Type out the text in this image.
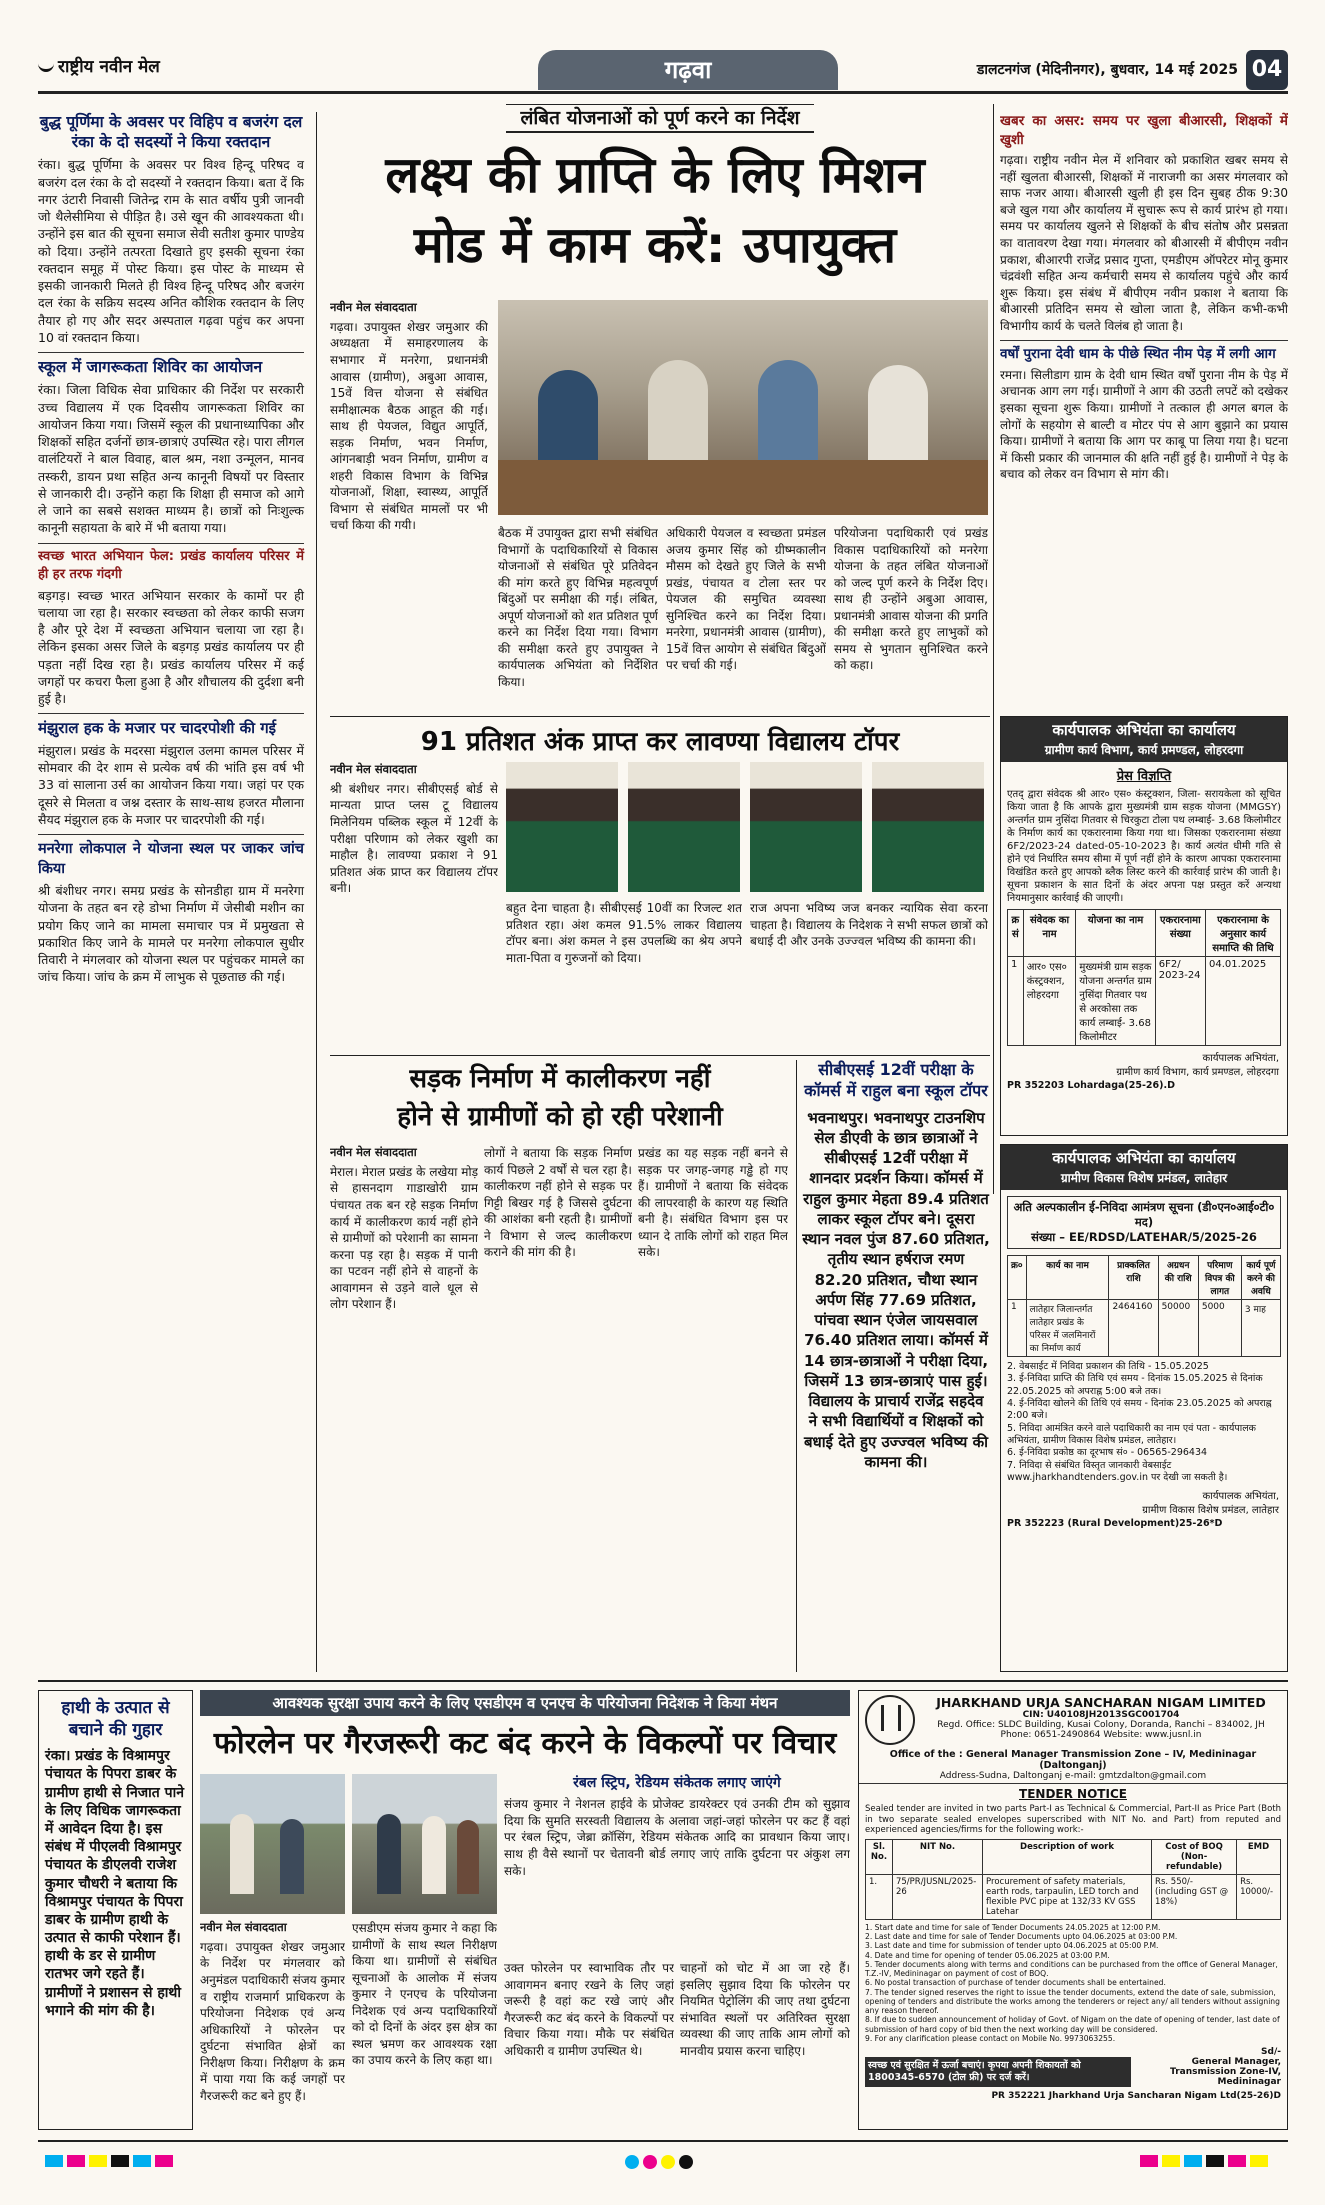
राष्ट्रीय नवीन मेल	गढ़वा	डालटनगंज (मेदिनीनगर), बुधवार, 14 मई 2025 04
बुद्ध पूर्णिमा के अवसर पर विहिप व बजरंग दल रंका के दो सदस्यों ने किया रक्तदान

रंका। बुद्ध पूर्णिमा के अवसर पर विश्व हिन्दू परिषद व बजरंग दल रंका के दो सदस्यों ने रक्तदान किया। बता दें कि नगर उंटारी निवासी जितेन्द्र राम के सात वर्षीय पुत्री जानवी जो थैलेसीमिया से पीड़ित है। उसे खून की आवश्यकता थी। उन्होंने इस बात की सूचना समाज सेवी सतीश कुमार पाण्डेय को दिया। उन्होंने तत्परता दिखाते हुए इसकी सूचना रंका रक्तदान समूह में पोस्ट किया। इस पोस्ट के माध्यम से इसकी जानकारी मिलते ही विश्व हिन्दू परिषद और बजरंग दल रंका के सक्रिय सदस्य अनित कौशिक रक्तदान के लिए तैयार हो गए और सदर अस्पताल गढ़वा पहुंच कर अपना 10 वां रक्तदान किया।

स्कूल में जागरूकता शिविर का आयोजन

रंका। जिला विधिक सेवा प्राधिकार की निर्देश पर सरकारी उच्च विद्यालय में एक दिवसीय जागरूकता शिविर का आयोजन किया गया। जिसमें स्कूल की प्रधानाध्यापिका और शिक्षकों सहित दर्जनों छात्र-छात्राएं उपस्थित रहे। पारा लीगल वालंटियरों ने बाल विवाह, बाल श्रम, नशा उन्मूलन, मानव तस्करी, डायन प्रथा सहित अन्य कानूनी विषयों पर विस्तार से जानकारी दी। उन्होंने कहा कि शिक्षा ही समाज को आगे ले जाने का सबसे सशक्त माध्यम है। छात्रों को निःशुल्क कानूनी सहायता के बारे में भी बताया गया।

स्वच्छ भारत अभियान फेल: प्रखंड कार्यालय परिसर में ही हर तरफ गंदगी

बड़गड़। स्वच्छ भारत अभियान सरकार के कामों पर ही चलाया जा रहा है। सरकार स्वच्छता को लेकर काफी सजग है और पूरे देश में स्वच्छता अभियान चलाया जा रहा है। लेकिन इसका असर जिले के बड़गड़ प्रखंड कार्यालय पर ही पड़ता नहीं दिख रहा है। प्रखंड कार्यालय परिसर में कई जगहों पर कचरा फैला हुआ है और शौचालय की दुर्दशा बनी हुई है।

मंझुराल हक के मजार पर चादरपोशी की गई

मंझुराल। प्रखंड के मदरसा मंझुराल उलमा कामल परिसर में सोमवार की देर शाम से प्रत्येक वर्ष की भांति इस वर्ष भी 33 वां सालाना उर्स का आयोजन किया गया। जहां पर एक दूसरे से मिलता व जश्न दस्तार के साथ-साथ हजरत मौलाना सैयद मंझुराल हक के मजार पर चादरपोशी की गई।

मनरेगा लोकपाल ने योजना स्थल पर जाकर जांच किया

श्री बंशीधर नगर। समग्र प्रखंड के सोनडीहा ग्राम में मनरेगा योजना के तहत बन रहे डोभा निर्माण में जेसीबी मशीन का प्रयोग किए जाने का मामला समाचार पत्र में प्रमुखता से प्रकाशित किए जाने के मामले पर मनरेगा लोकपाल सुधीर तिवारी ने मंगलवार को योजना स्थल पर पहुंचकर मामले का जांच किया। जांच के क्रम में लाभुक से पूछताछ की गई।

लंबित योजनाओं को पूर्ण करने का निर्देश
लक्ष्य की प्राप्ति के लिए मिशन
मोड में काम करें: उपायुक्त
नवीन मेल संवाददाता

गढ़वा। उपायुक्त शेखर जमुआर की अध्यक्षता में समाहरणालय के सभागार में मनरेगा, प्रधानमंत्री आवास (ग्रामीण), अबुआ आवास, 15वें वित्त योजना से संबंधित समीक्षात्मक बैठक आहूत की गई। साथ ही पेयजल, विद्युत आपूर्ति, सड़क निर्माण, भवन निर्माण, आंगनबाड़ी भवन निर्माण, ग्रामीण व शहरी विकास विभाग के विभिन्न योजनाओं, शिक्षा, स्वास्थ्य, आपूर्ति विभाग से संबंधित मामलों पर भी चर्चा किया की गयी।

बैठक में उपायुक्त द्वारा सभी संबंधित विभागों के पदाधिकारियों से विकास योजनाओं से संबंधित पूरे प्रतिवेदन की मांग करते हुए विभिन्न महत्वपूर्ण बिंदुओं पर समीक्षा की गई। लंबित, अपूर्ण योजनाओं को शत प्रतिशत पूर्ण करने का निर्देश दिया गया। विभाग की समीक्षा करते हुए उपायुक्त ने कार्यपालक अभियंता को निर्देशित किया।

अधिकारी पेयजल व स्वच्छता प्रमंडल अजय कुमार सिंह को ग्रीष्मकालीन मौसम को देखते हुए जिले के सभी प्रखंड, पंचायत व टोला स्तर पर पेयजल की समुचित व्यवस्था सुनिश्चित करने का निर्देश दिया। मनरेगा, प्रधानमंत्री आवास (ग्रामीण), 15वें वित्त आयोग से संबंधित बिंदुओं पर चर्चा की गई।

परियोजना पदाधिकारी एवं प्रखंड विकास पदाधिकारियों को मनरेगा योजना के तहत लंबित योजनाओं को जल्द पूर्ण करने के निर्देश दिए। साथ ही उन्होंने अबुआ आवास, प्रधानमंत्री आवास योजना की प्रगति की समीक्षा करते हुए लाभुकों को समय से भुगतान सुनिश्चित करने को कहा।

खबर का असर: समय पर खुला बीआरसी, शिक्षकों में खुशी

गढ़वा। राष्ट्रीय नवीन मेल में शनिवार को प्रकाशित खबर समय से नहीं खुलता बीआरसी, शिक्षकों में नाराजगी का असर मंगलवार को साफ नजर आया। बीआरसी खुली ही इस दिन सुबह ठीक 9:30 बजे खुल गया और कार्यालय में सुचारू रूप से कार्य प्रारंभ हो गया। समय पर कार्यालय खुलने से शिक्षकों के बीच संतोष और प्रसन्नता का वातावरण देखा गया। मंगलवार को बीआरसी में बीपीएम नवीन प्रकाश, बीआरपी राजेंद्र प्रसाद गुप्ता, एमडीएम ऑपरेटर मोनू कुमार चंद्रवंशी सहित अन्य कर्मचारी समय से कार्यालय पहुंचे और कार्य शुरू किया। इस संबंध में बीपीएम नवीन प्रकाश ने बताया कि बीआरसी प्रतिदिन समय से खोला जाता है, लेकिन कभी-कभी विभागीय कार्य के चलते विलंब हो जाता है।

वर्षों पुराना देवी धाम के पीछे स्थित नीम पेड़ में लगी आग

रमना। सिलीडाग ग्राम के देवी धाम स्थित वर्षों पुराना नीम के पेड़ में अचानक आग लग गई। ग्रामीणों ने आग की उठती लपटें को दखेकर इसका सूचना शुरू किया। ग्रामीणों ने तत्काल ही अगल बगल के लोगों के सहयोग से बाल्टी व मोटर पंप से आग बुझाने का प्रयास किया। ग्रामीणों ने बताया कि आग पर काबू पा लिया गया है। घटना में किसी प्रकार की जानमाल की क्षति नहीं हुई है। ग्रामीणों ने पेड़ के बचाव को लेकर वन विभाग से मांग की।

91 प्रतिशत अंक प्राप्त कर लावण्या विद्यालय टॉपर
नवीन मेल संवाददाता

श्री बंशीधर नगर। सीबीएसई बोर्ड से मान्यता प्राप्त प्लस टू विद्यालय मिलेनियम पब्लिक स्कूल में 12वीं के परीक्षा परिणाम को लेकर खुशी का माहौल है। लावण्या प्रकाश ने 91 प्रतिशत अंक प्राप्त कर विद्यालय टॉपर बनी।

बहुत देना चाहता है। सीबीएसई 10वीं का रिजल्ट शत प्रतिशत रहा। अंश कमल 91.5% लाकर विद्यालय टॉपर बना। अंश कमल ने इस उपलब्धि का श्रेय अपने माता-पिता व गुरुजनों को दिया।

राज अपना भविष्य जज बनकर न्यायिक सेवा करना चाहता है। विद्यालय के निदेशक ने सभी सफल छात्रों को बधाई दी और उनके उज्ज्वल भविष्य की कामना की।

सड़क निर्माण में कालीकरण नहीं
होने से ग्रामीणों को हो रही परेशानी
नवीन मेल संवाददाता

मेराल। मेराल प्रखंड के लखेया मोड़ से हासनदाग गाडाखोरी ग्राम पंचायत तक बन रहे सड़क निर्माण कार्य में कालीकरण कार्य नहीं होने से ग्रामीणों को परेशानी का सामना करना पड़ रहा है। सड़क में पानी का पटवन नहीं होने से वाहनों के आवागमन से उड़ने वाले धूल से लोग परेशान हैं।

लोगों ने बताया कि सड़क निर्माण कार्य पिछले 2 वर्षों से चल रहा है। कालीकरण नहीं होने से सड़क पर गिट्टी बिखर गई है जिससे दुर्घटना की आशंका बनी रहती है। ग्रामीणों ने विभाग से जल्द कालीकरण कराने की मांग की है।

प्रखंड का यह सड़क नहीं बनने से सड़क पर जगह-जगह गड्ढे हो गए हैं। ग्रामीणों ने बताया कि संवेदक की लापरवाही के कारण यह स्थिति बनी है। संबंधित विभाग इस पर ध्यान दे ताकि लोगों को राहत मिल सके।

सीबीएसई 12वीं परीक्षा के कॉमर्स में राहुल बना स्कूल टॉपर
भवनाथपुर। भवनाथपुर टाउनशिप सेल डीएवी के छात्र छात्राओं ने सीबीएसई 12वीं परीक्षा में शानदार प्रदर्शन किया। कॉमर्स में राहुल कुमार मेहता 89.4 प्रतिशत लाकर स्कूल टॉपर बने। दूसरा स्थान नवल पुंज 87.60 प्रतिशत, तृतीय स्थान हर्षराज रमण 82.20 प्रतिशत, चौथा स्थान अर्पण सिंह 77.69 प्रतिशत, पांचवा स्थान एंजेल जायसवाल 76.40 प्रतिशत लाया। कॉमर्स में 14 छात्र-छात्राओं ने परीक्षा दिया, जिसमें 13 छात्र-छात्राएं पास हुई। विद्यालय के प्राचार्य राजेंद्र सहदेव ने सभी विद्यार्थियों व शिक्षकों को बधाई देते हुए उज्ज्वल भविष्य की कामना की।
कार्यपालक अभियंता का कार्यालय
ग्रामीण कार्य विभाग, कार्य प्रमण्डल, लोहरदगा
प्रेस विज्ञप्ति
एतद् द्वारा संवेदक श्री आर० एस० कंस्ट्रक्शन, जिला- सरायकेला को सूचित किया जाता है कि आपके द्वारा मुख्यमंत्री ग्राम सड़क योजना (MMGSY) अन्तर्गत ग्राम नुसिंदा गितवार से चिरकुटा टोला पथ लम्बाई- 3.68 किलोमीटर के निर्माण कार्य का एकरारनामा किया गया था। जिसका एकरारनामा संख्या 6F2/2023-24 dated-05-10-2023 है। कार्य अत्यंत धीमी गति से होने एवं निर्धारित समय सीमा में पूर्ण नहीं होने के कारण आपका एकरारनामा विखंडित करते हुए आपको ब्लैक लिस्ट करने की कार्रवाई प्रारंभ की जाती है। सूचना प्रकाशन के सात दिनों के अंदर अपना पक्ष प्रस्तुत करें अन्यथा नियमानुसार कार्रवाई की जाएगी।
क्र सं	संवेदक का नाम	योजना का नाम	एकरारनामा संख्या	एकरारनामा के अनुसार कार्य समाप्ति की तिथि
1	आर० एस० कंस्ट्रक्शन, लोहरदगा	मुख्यमंत्री ग्राम सड़क योजना अन्तर्गत ग्राम नुसिंदा गितवार पथ से अरकोसा तक कार्य लम्बाई- 3.68 किलोमीटर	6F2/ 2023-24	04.01.2025
कार्यपालक अभियंता,
ग्रामीण कार्य विभाग, कार्य प्रमण्डल, लोहरदगा
PR 352203 Lohardaga(25-26).D
कार्यपालक अभियंता का कार्यालय
ग्रामीण विकास विशेष प्रमंडल, लातेहार
अति अल्पकालीन ई-निविदा आमंत्रण सूचना (डी०एन०आई०टी० मद)
संख्या – EE/RDSD/LATEHAR/5/2025-26
क्र०	कार्य का नाम	प्राक्कलित राशि	अग्रधन की राशि	परिमाण विपत्र की लागत	कार्य पूर्ण करने की अवधि
1	लातेहार जिलान्तर्गत लातेहार प्रखंड के परिसर में जलमिनारों का निर्माण कार्य	2464160	50000	5000	3 माह
2. वेबसाईट में निविदा प्रकाशन की तिथि - 15.05.2025
3. ई-निविदा प्राप्ति की तिथि एवं समय - दिनांक 15.05.2025 से दिनांक 22.05.2025 को अपराह्न 5:00 बजे तक।
4. ई-निविदा खोलने की तिथि एवं समय - दिनांक 23.05.2025 को अपराह्न 2:00 बजे।
5. निविदा आमंत्रित करने वाले पदाधिकारी का नाम एवं पता - कार्यपालक अभियंता, ग्रामीण विकास विशेष प्रमंडल, लातेहार।
6. ई-निविदा प्रकोष्ठ का दूरभाष सं० - 06565-296434
7. निविदा से संबंधित विस्तृत जानकारी वेबसाईट www.jharkhandtenders.gov.in पर देखी जा सकती है।
कार्यपालक अभियंता,
ग्रामीण विकास विशेष प्रमंडल, लातेहार
PR 352223 (Rural Development)25-26*D
हाथी के उत्पात से बचाने की गुहार
रंका। प्रखंड के विश्रामपुर पंचायत के पिपरा डाबर के ग्रामीण हाथी से निजात पाने के लिए विधिक जागरूकता में आवेदन दिया है। इस संबंध में पीएलवी विश्रामपुर पंचायत के डीएलवी राजेश कुमार चौधरी ने बताया कि विश्रामपुर पंचायत के पिपरा डाबर के ग्रामीण हाथी के उत्पात से काफी परेशान हैं। हाथी के डर से ग्रामीण रातभर जगे रहते हैं। ग्रामीणों ने प्रशासन से हाथी भगाने की मांग की है।
आवश्यक सुरक्षा उपाय करने के लिए एसडीएम व एनएच के परियोजना निदेशक ने किया मंथन
फोरलेन पर गैरजरूरी कट बंद करने के विकल्पों पर विचार
नवीन मेल संवाददाता

गढ़वा। उपायुक्त शेखर जमुआर के निर्देश पर मंगलवार को अनुमंडल पदाधिकारी संजय कुमार व राष्ट्रीय राजमार्ग प्राधिकरण के परियोजना निदेशक एवं अन्य अधिकारियों ने फोरलेन पर दुर्घटना संभावित क्षेत्रों का निरीक्षण किया। निरीक्षण के क्रम में पाया गया कि कई जगहों पर गैरजरूरी कट बने हुए हैं।

एसडीएम संजय कुमार ने कहा कि ग्रामीणों के साथ स्थल निरीक्षण किया था। ग्रामीणों से संबंधित सूचनाओं के आलोक में संजय कुमार ने एनएच के परियोजना निदेशक एवं अन्य पदाधिकारियों को दो दिनों के अंदर इस क्षेत्र का स्थल भ्रमण कर आवश्यक रक्षा का उपाय करने के लिए कहा था।

रंबल स्ट्रिप, रेडियम संकेतक लगाए जाएंगे

संजय कुमार ने नेशनल हाईवे के प्रोजेक्ट डायरेक्टर एवं उनकी टीम को सुझाव दिया कि सुमति सरस्वती विद्यालय के अलावा जहां-जहां फोरलेन पर कट हैं वहां पर रंबल स्ट्रिप, जेब्रा क्रॉसिंग, रेडियम संकेतक आदि का प्रावधान किया जाए। साथ ही वैसे स्थानों पर चेतावनी बोर्ड लगाए जाएं ताकि दुर्घटना पर अंकुश लग सके।

उक्त फोरलेन पर स्वाभाविक तौर पर आवागमन बनाए रखने के लिए जहां जरूरी है वहां कट रखे जाएं और गैरजरूरी कट बंद करने के विकल्पों पर विचार किया गया। मौके पर संबंधित अधिकारी व ग्रामीण उपस्थित थे।

चाहनों को चोट में आ जा रहे हैं। इसलिए सुझाव दिया कि फोरलेन पर नियमित पेट्रोलिंग की जाए तथा दुर्घटना संभावित स्थलों पर अतिरिक्त सुरक्षा व्यवस्था की जाए ताकि आम लोगों को मानवीय प्रयास करना चाहिए।

JHARKHAND URJA SANCHARAN NIGAM LIMITED
CIN: U40108JH2013SGC001704
Regd. Office: SLDC Building, Kusai Colony, Doranda, Ranchi – 834002, JH
Phone: 0651-2490864 Website: www.jusnl.in
Office of the : General Manager Transmission Zone – IV, Medininagar (Daltonganj)
Address-Sudna, Daltonganj e-mail: gmtzdalton@gmail.com
TENDER NOTICE
Sealed tender are invited in two parts Part-I as Technical & Commercial, Part-II as Price Part (Both in two separate sealed envelopes superscribed with NIT No. and Part) from reputed and experienced agencies/firms for the following work:-
Sl. No.	NIT No.	Description of work	Cost of BOQ (Non-refundable)	EMD
1.	75/PR/JUSNL/2025-26	Procurement of safety materials, earth rods, tarpaulin, LED torch and flexible PVC pipe at 132/33 KV GSS Latehar	Rs. 550/- (including GST @ 18%)	Rs. 10000/-
1. Start date and time for sale of Tender Documents 24.05.2025 at 12:00 P.M.
2. Last date and time for sale of Tender Documents upto 04.06.2025 at 03:00 P.M.
3. Last date and time for submission of tender upto 04.06.2025 at 05:00 P.M.
4. Date and time for opening of tender 05.06.2025 at 03:00 P.M.
5. Tender documents along with terms and conditions can be purchased from the office of General Manager, T.Z.-IV, Medininagar on payment of cost of BOQ.
6. No postal transaction of purchase of tender documents shall be entertained.
7. The tender signed reserves the right to issue the tender documents, extend the date of sale, submission, opening of tenders and distribute the works among the tenderers or reject any/ all tenders without assigning any reason thereof.
8. If due to sudden announcement of holiday of Govt. of Nigam on the date of opening of tender, last date of submission of hard copy of bid then the next working day will be considered.
9. For any clarification please contact on Mobile No. 9973063255.
स्वच्छ एवं सुरक्षित में ऊर्जा बचाएं। कृपया अपनी शिकायतों को 1800345-6570 (टोल फ्री) पर दर्ज करें।
Sd/-
General Manager,
Transmission Zone-IV, Medininagar
PR 352221 Jharkhand Urja Sancharan Nigam Ltd(25-26)D
